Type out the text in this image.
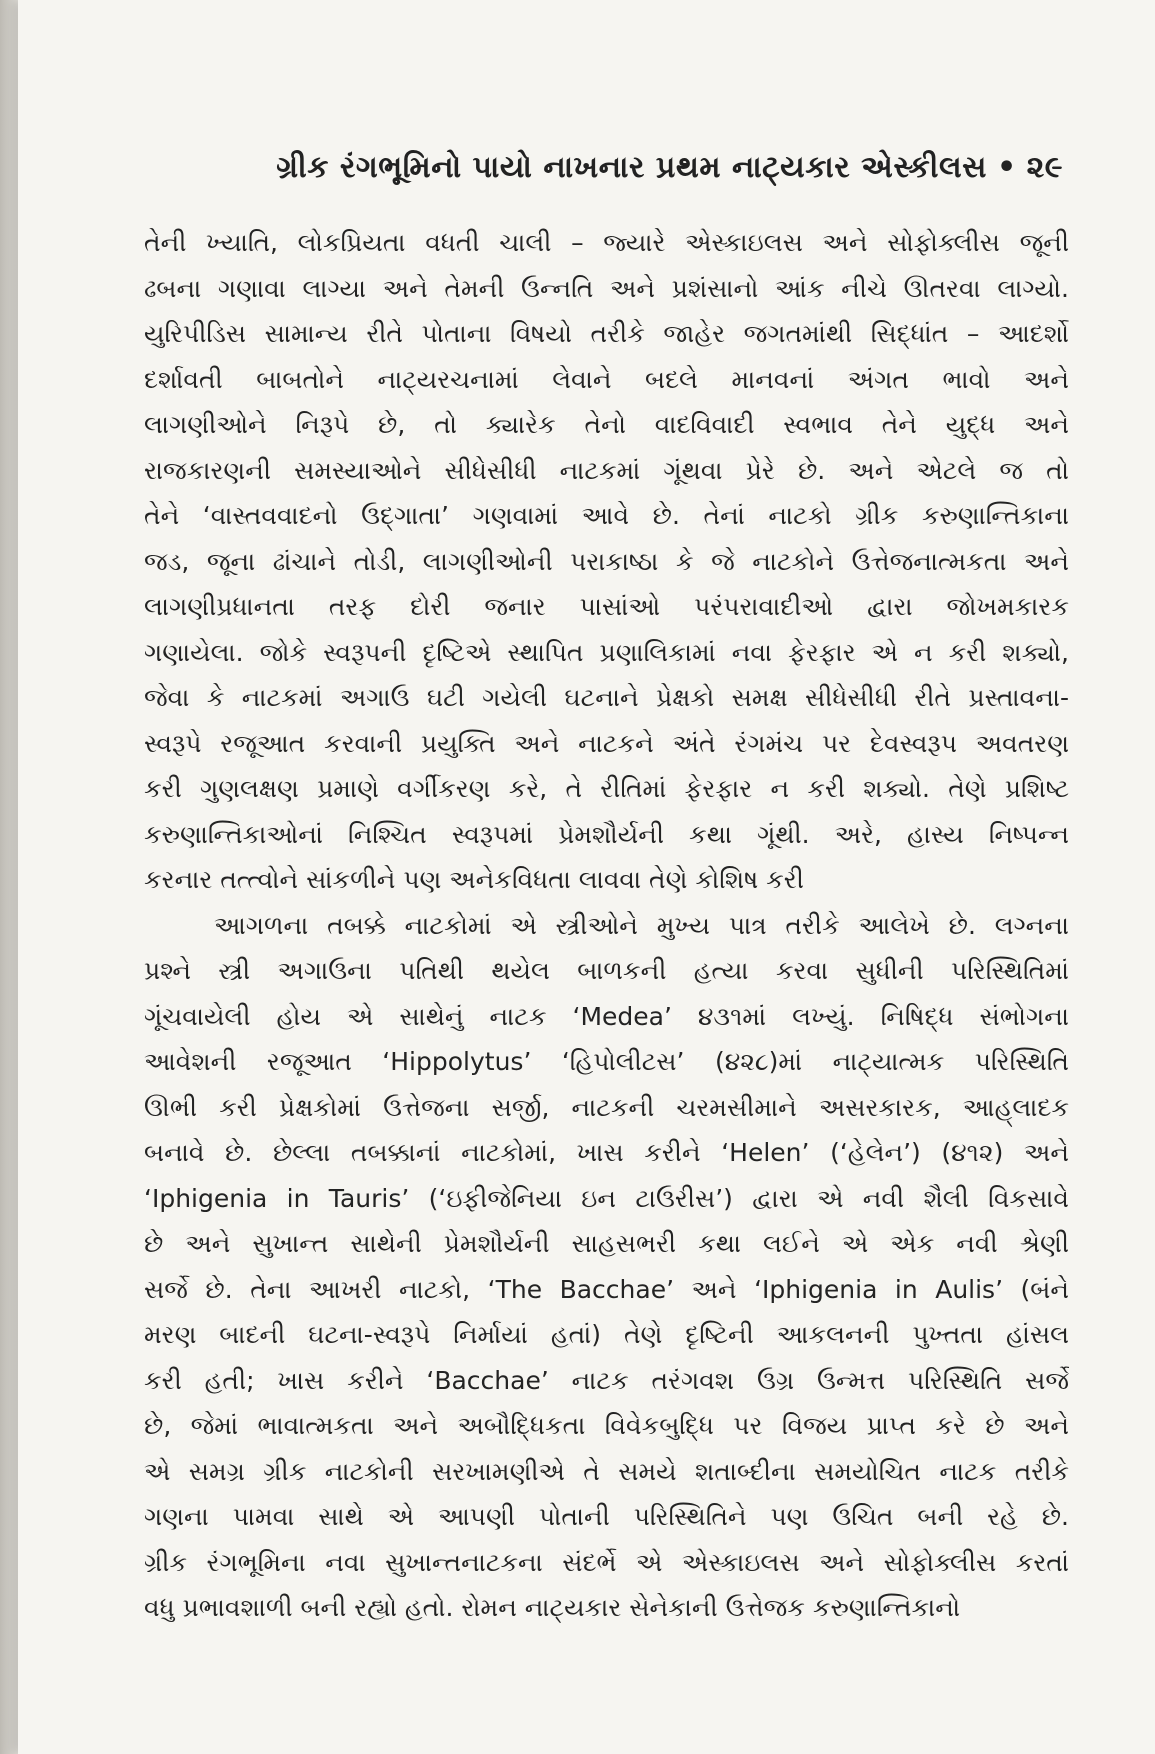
ગ્રીક રંગભૂમિનો પાયો નાખનાર પ્રથમ નાટ્યકાર એસ્કીલસ • ૨૯
તેની ખ્યાતિ, લોકપ્રિયતા વધતી ચાલી – જ્યારે એસ્કાઇલસ અને સોફોક્લીસ જૂની
ઢબના ગણાવા લાગ્યા અને તેમની ઉન્નતિ અને પ્રશંસાનો આંક નીચે ઊતરવા લાગ્યો.
યુરિપીડિસ સામાન્ય રીતે પોતાના વિષયો તરીકે જાહેર જગતમાંથી સિદ્ધાંત – આદર્શો
દર્શાવતી બાબતોને નાટ્યરચનામાં લેવાને બદલે માનવનાં અંગત ભાવો અને
લાગણીઓને નિરૂપે છે, તો ક્યારેક તેનો વાદવિવાદી સ્વભાવ તેને યુદ્ધ અને
રાજકારણની સમસ્યાઓને સીધેસીધી નાટકમાં ગૂંથવા પ્રેરે છે. અને એટલે જ તો
તેને ‘વાસ્તવવાદનો ઉદ્‌ગાતા’ ગણવામાં આવે છે. તેનાં નાટકો ગ્રીક કરુણાન્તિકાના
જડ, જૂના ઢાંચાને તોડી, લાગણીઓની પરાકાષ્ઠા કે જે નાટકોને ઉત્તેજનાત્મકતા અને
લાગણીપ્રધાનતા તરફ દોરી જનાર પાસાંઓ પરંપરાવાદીઓ દ્વારા જોખમકારક
ગણાયેલા. જોકે સ્વરૂપની દૃષ્ટિએ સ્થાપિત પ્રણાલિકામાં નવા ફેરફાર એ ન કરી શક્યો,
જેવા કે નાટકમાં અગાઉ ઘટી ગયેલી ઘટનાને પ્રેક્ષકો સમક્ષ સીધેસીધી રીતે પ્રસ્તાવના-
સ્વરૂપે રજૂઆત કરવાની પ્રયુક્તિ અને નાટકને અંતે રંગમંચ પર દેવસ્વરૂપ અવતરણ
કરી ગુણલક્ષણ પ્રમાણે વર્ગીકરણ કરે, તે રીતિમાં ફેરફાર ન કરી શક્યો. તેણે પ્રશિષ્ટ
કરુણાન્તિકાઓનાં નિશ્ચિત સ્વરૂપમાં પ્રેમશૌર્યની કથા ગૂંથી. અરે, હાસ્ય નિષ્પન્ન
કરનાર તત્ત્વોને સાંકળીને પણ અનેકવિધતા લાવવા તેણે કોશિષ કરી
આગળના તબક્કે નાટકોમાં એ સ્ત્રીઓને મુખ્ય પાત્ર તરીકે આલેખે છે. લગ્નના
પ્રશ્ને સ્ત્રી અગાઉના પતિથી થયેલ બાળકની હત્યા કરવા સુધીની પરિસ્થિતિમાં
ગૂંચવાયેલી હોય એ સાથેનું નાટક ‘Medea’ ૪૩૧માં લખ્યું. નિષિદ્ધ સંભોગના
આવેશની રજૂઆત ‘Hippolytus’ ‘હિપોલીટસ’ (૪૨૮)માં નાટ્યાત્મક પરિસ્થિતિ
ઊભી કરી પ્રેક્ષકોમાં ઉત્તેજના સર્જી, નાટકની ચરમસીમાને અસરકારક, આહ્‌લાદક
બનાવે છે. છેલ્લા તબક્કાનાં નાટકોમાં, ખાસ કરીને ‘Helen’ (‘હેલેન’) (૪૧૨) અને
‘Iphigenia in Tauris’ (‘ઇફીજેનિયા ઇન ટાઉરીસ’) દ્વારા એ નવી શૈલી વિકસાવે
છે અને સુખાન્ત સાથેની પ્રેમશૌર્યની સાહસભરી કથા લઈને એ એક નવી શ્રેણી
સર્જે છે. તેના આખરી નાટકો, ‘The Bacchae’ અને ‘Iphigenia in Aulis’ (બંને
મરણ બાદની ઘટના-સ્વરૂપે નિર્માયાં હતાં) તેણે દૃષ્ટિની આકલનની પુખ્તતા હાંસલ
કરી હતી; ખાસ કરીને ‘Bacchae’ નાટક તરંગવશ ઉગ્ર ઉન્મત્ત પરિસ્થિતિ સર્જે
છે, જેમાં ભાવાત્મકતા અને અબૌદ્ધિકતા વિવેકબુદ્ધિ પર વિજય પ્રાપ્ત કરે છે અને
એ સમગ્ર ગ્રીક નાટકોની સરખામણીએ તે સમયે શતાબ્દીના સમયોચિત નાટક તરીકે
ગણના પામવા સાથે એ આપણી પોતાની પરિસ્થિતિને પણ ઉચિત બની રહે છે.
ગ્રીક રંગભૂમિના નવા સુખાન્તનાટકના સંદર્ભે એ એસ્કાઇલસ અને સોફોક્લીસ કરતાં
વધુ પ્રભાવશાળી બની રહ્યો હતો. રોમન નાટ્યકાર સેનેકાની ઉત્તેજક કરુણાન્તિકાનો
